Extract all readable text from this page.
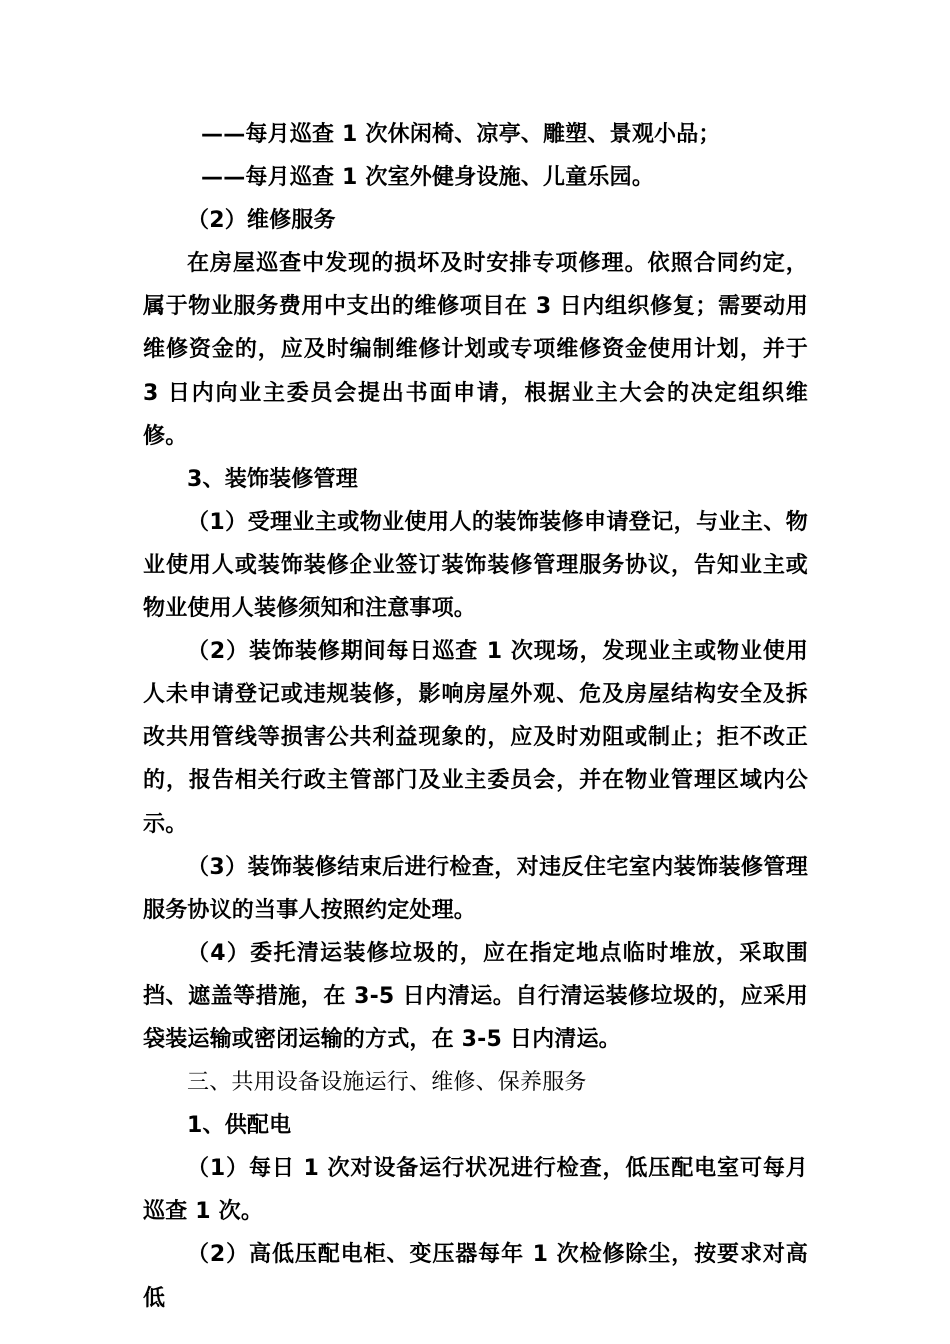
——每月巡查 1 次休闲椅、凉亭、雕塑、景观小品；

——每月巡查 1 次室外健身设施、儿童乐园。

（2）维修服务

在房屋巡查中发现的损坏及时安排专项修理。依照合同约定，属于物业服务费用中支出的维修项目在 3 日内组织修复；需要动用维修资金的，应及时编制维修计划或专项维修资金使用计划，并于 3 日内向业主委员会提出书面申请，根据业主大会的决定组织维修。

3、装饰装修管理

（1）受理业主或物业使用人的装饰装修申请登记，与业主、物业使用人或装饰装修企业签订装饰装修管理服务协议，告知业主或物业使用人装修须知和注意事项。

（2）装饰装修期间每日巡查 1 次现场，发现业主或物业使用人未申请登记或违规装修，影响房屋外观、危及房屋结构安全及拆改共用管线等损害公共利益现象的，应及时劝阻或制止；拒不改正的，报告相关行政主管部门及业主委员会，并在物业管理区域内公示。

（3）装饰装修结束后进行检查，对违反住宅室内装饰装修管理服务协议的当事人按照约定处理。

（4）委托清运装修垃圾的，应在指定地点临时堆放，采取围挡、遮盖等措施，在 3-5 日内清运。自行清运装修垃圾的，应采用袋装运输或密闭运输的方式，在 3-5 日内清运。

三、共用设备设施运行、维修、保养服务

1、供配电

（1）每日 1 次对设备运行状况进行检查，低压配电室可每月巡查 1 次。

（2）高低压配电柜、变压器每年 1 次检修除尘，按要求对高低
